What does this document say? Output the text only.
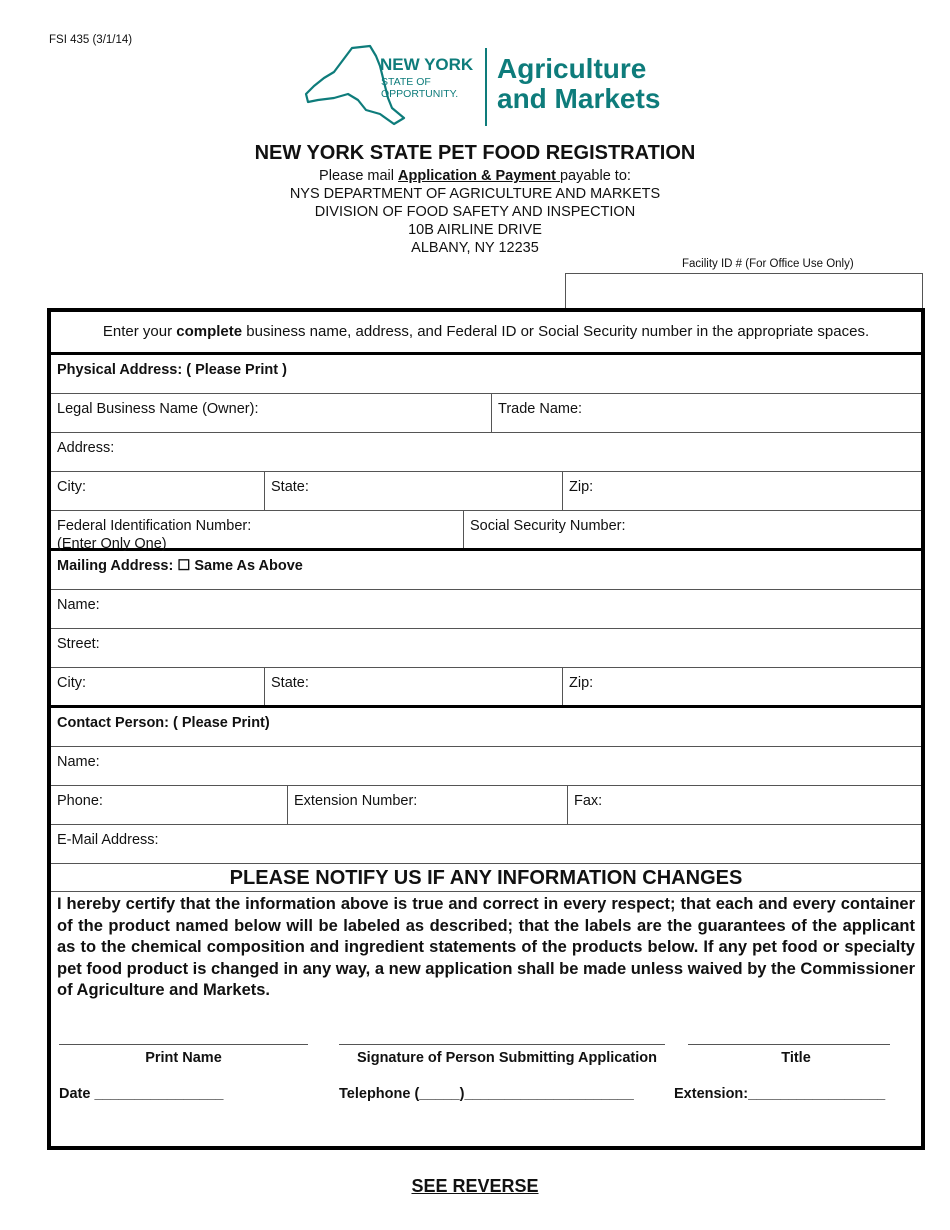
FSI 435 (3/1/14)
NEW YORK
STATE OF
OPPORTUNITY.
Agriculture
and Markets
NEW YORK STATE PET FOOD REGISTRATION
Please mail Application & Payment payable to:
NYS DEPARTMENT OF AGRICULTURE AND MARKETS
DIVISION OF FOOD SAFETY AND INSPECTION
10B AIRLINE DRIVE
ALBANY, NY 12235
Facility ID # (For Office Use Only)
Enter your complete business name, address, and Federal ID or Social Security number in the appropriate spaces.
Physical Address: ( Please Print )
Legal Business Name (Owner):	Trade Name:
Address:
City:	State:	Zip:
Federal Identification Number:
(Enter Only One)
Social Security Number:
Mailing Address: ☐ Same As Above
Name:
Street:
City:	State:	Zip:
Contact Person: ( Please Print)
Name:
Phone:	Extension Number:	Fax:
E-Mail Address:
PLEASE NOTIFY US IF ANY INFORMATION CHANGES
I hereby certify that the information above is true and correct in every respect; that each and every container of the product named below will be labeled as described; that the labels are the guarantees of the applicant as to the chemical composition and ingredient statements of the products below. If any pet food or specialty pet food product is changed in any way, a new application shall be made unless waived by the Commissioner of Agriculture and Markets.
Print Name	Signature of Person Submitting Application	Title
Date ________________	Telephone (_____)_____________________	Extension:_________________
SEE REVERSE
